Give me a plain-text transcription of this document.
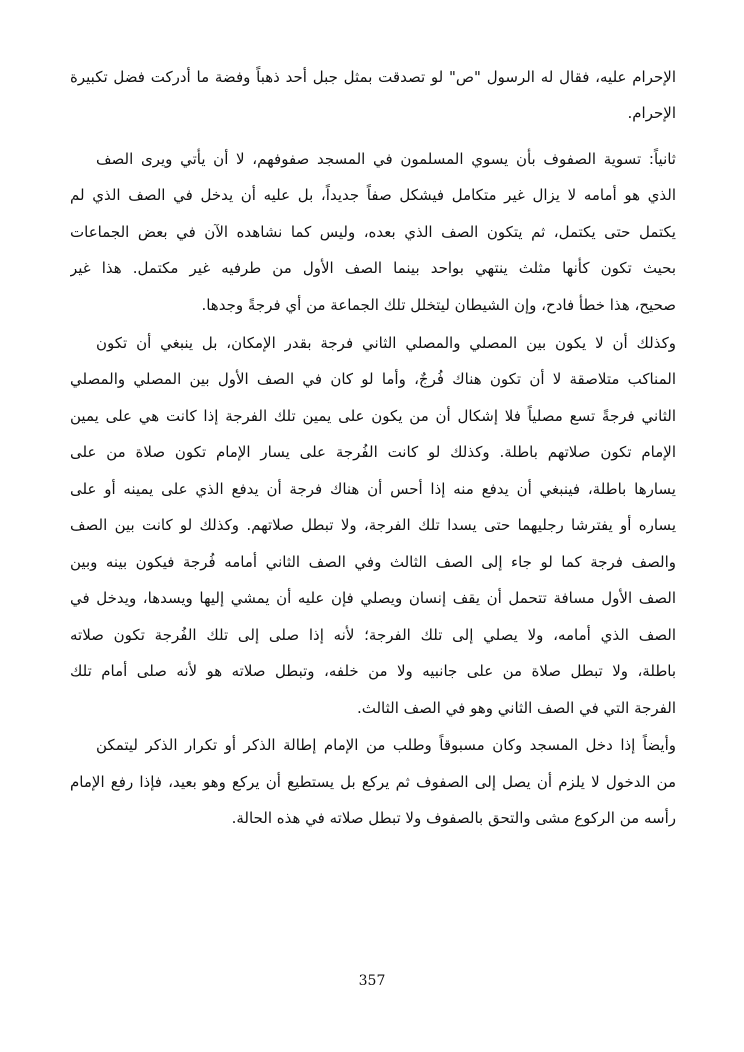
الإحرام عليه، فقال له الرسول "ص" لو تصدقت بمثل جبل أحد ذهباً وفضة ما أدركت فضل تكبيرة
الإحرام.
ثانياً: تسوية الصفوف بأن يسوي المسلمون في المسجد صفوفهم، لا أن يأتي ويرى الصف
الذي هو أمامه لا يزال غير متكامل فيشكل صفاً جديداً، بل عليه أن يدخل في الصف الذي لم
يكتمل حتى يكتمل، ثم يتكون الصف الذي بعده، وليس كما نشاهده الآن في بعض الجماعات
بحيث تكون كأنها مثلث ينتهي بواحد بينما الصف الأول من طرفيه غير مكتمل. هذا غير
صحيح، هذا خطأ فادح، وإن الشيطان ليتخلل تلك الجماعة من أي فرجةً وجدها.
وكذلك أن لا يكون بين المصلي والمصلي الثاني فرجة بقدر الإمكان، بل ينبغي أن تكون
المناكب متلاصقة لا أن تكون هناك فُرجٌ، وأما لو كان في الصف الأول بين المصلي والمصلي
الثاني فرجةً تسع مصلياً فلا إشكال أن من يكون على يمين تلك الفرجة إذا كانت هي على يمين
الإمام تكون صلاتهم باطلة. وكذلك لو كانت الفُرجة على يسار الإمام تكون صلاة من على
يسارها باطلة، فينبغي أن يدفع منه إذا أحس أن هناك فرجة أن يدفع الذي على يمينه أو على
يساره أو يفترشا رجليهما حتى يسدا تلك الفرجة، ولا تبطل صلاتهم. وكذلك لو كانت بين الصف
والصف فرجة كما لو جاء إلى الصف الثالث وفي الصف الثاني أمامه فُرجة فيكون بينه وبين
الصف الأول مسافة تتحمل أن يقف إنسان ويصلي فإن عليه أن يمشي إليها ويسدها، ويدخل في
الصف الذي أمامه، ولا يصلي إلى تلك الفرجة؛ لأنه إذا صلى إلى تلك الفُرجة تكون صلاته
باطلة، ولا تبطل صلاة من على جانبيه ولا من خلفه، وتبطل صلاته هو لأنه صلى أمام تلك
الفرجة التي في الصف الثاني وهو في الصف الثالث.
وأيضاً إذا دخل المسجد وكان مسبوقاً وطلب من الإمام إطالة الذكر أو تكرار الذكر ليتمكن
من الدخول لا يلزم أن يصل إلى الصفوف ثم يركع بل يستطيع أن يركع وهو بعيد، فإذا رفع الإمام
رأسه من الركوع مشى والتحق بالصفوف ولا تبطل صلاته في هذه الحالة.
357
